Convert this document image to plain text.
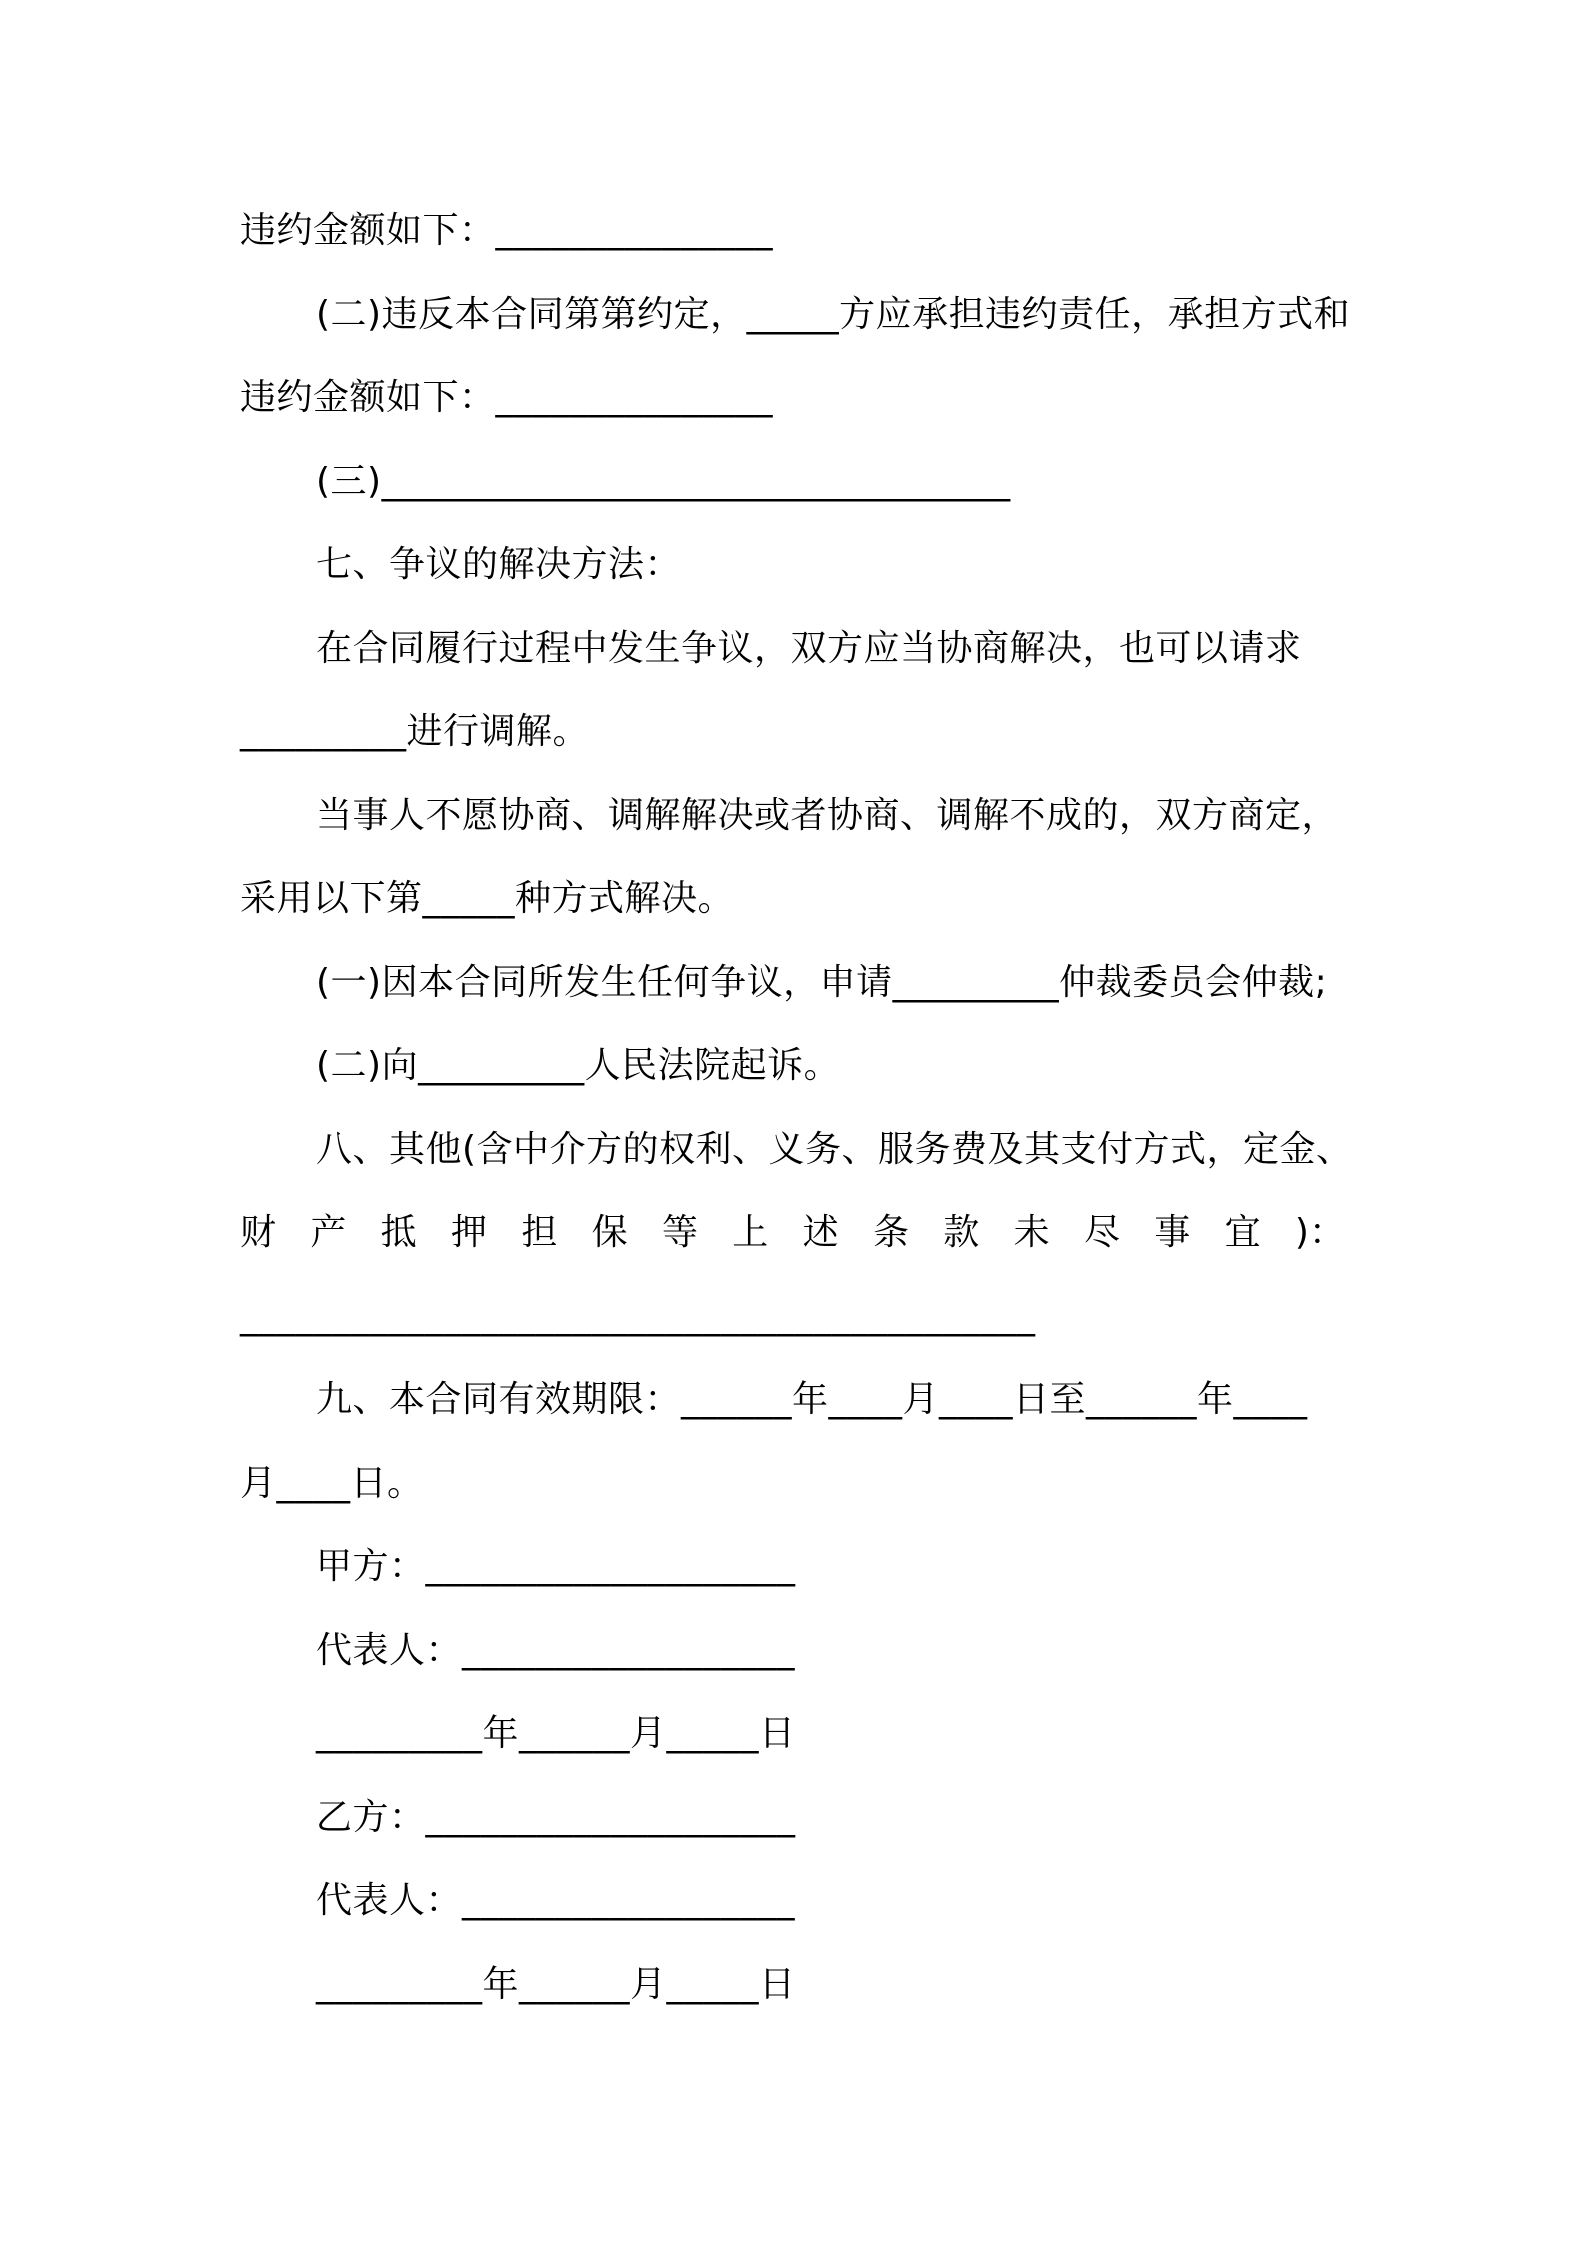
违约金额如下：_______________
(二)违反本合同第第约定，_____方应承担违约责任，承担方式和
违约金额如下：_______________
(三)__________________________________
七、争议的解决方法：
在合同履行过程中发生争议，双方应当协商解决，也可以请求
_________进行调解。
当事人不愿协商、调解解决或者协商、调解不成的，双方商定，
采用以下第_____种方式解决。
(一)因本合同所发生任何争议，申请_________仲裁委员会仲裁;
(二)向_________人民法院起诉。
八、其他(含中介方的权利、义务、服务费及其支付方式，定金、
财 产 抵 押 担 保 等 上 述 条 款 未 尽 事 宜 )：
___________________________________________
九、本合同有效期限：______年____月____日至______年____
月____日。
甲方：____________________
代表人：__________________
_________年______月_____日
乙方：____________________
代表人：__________________
_________年______月_____日
